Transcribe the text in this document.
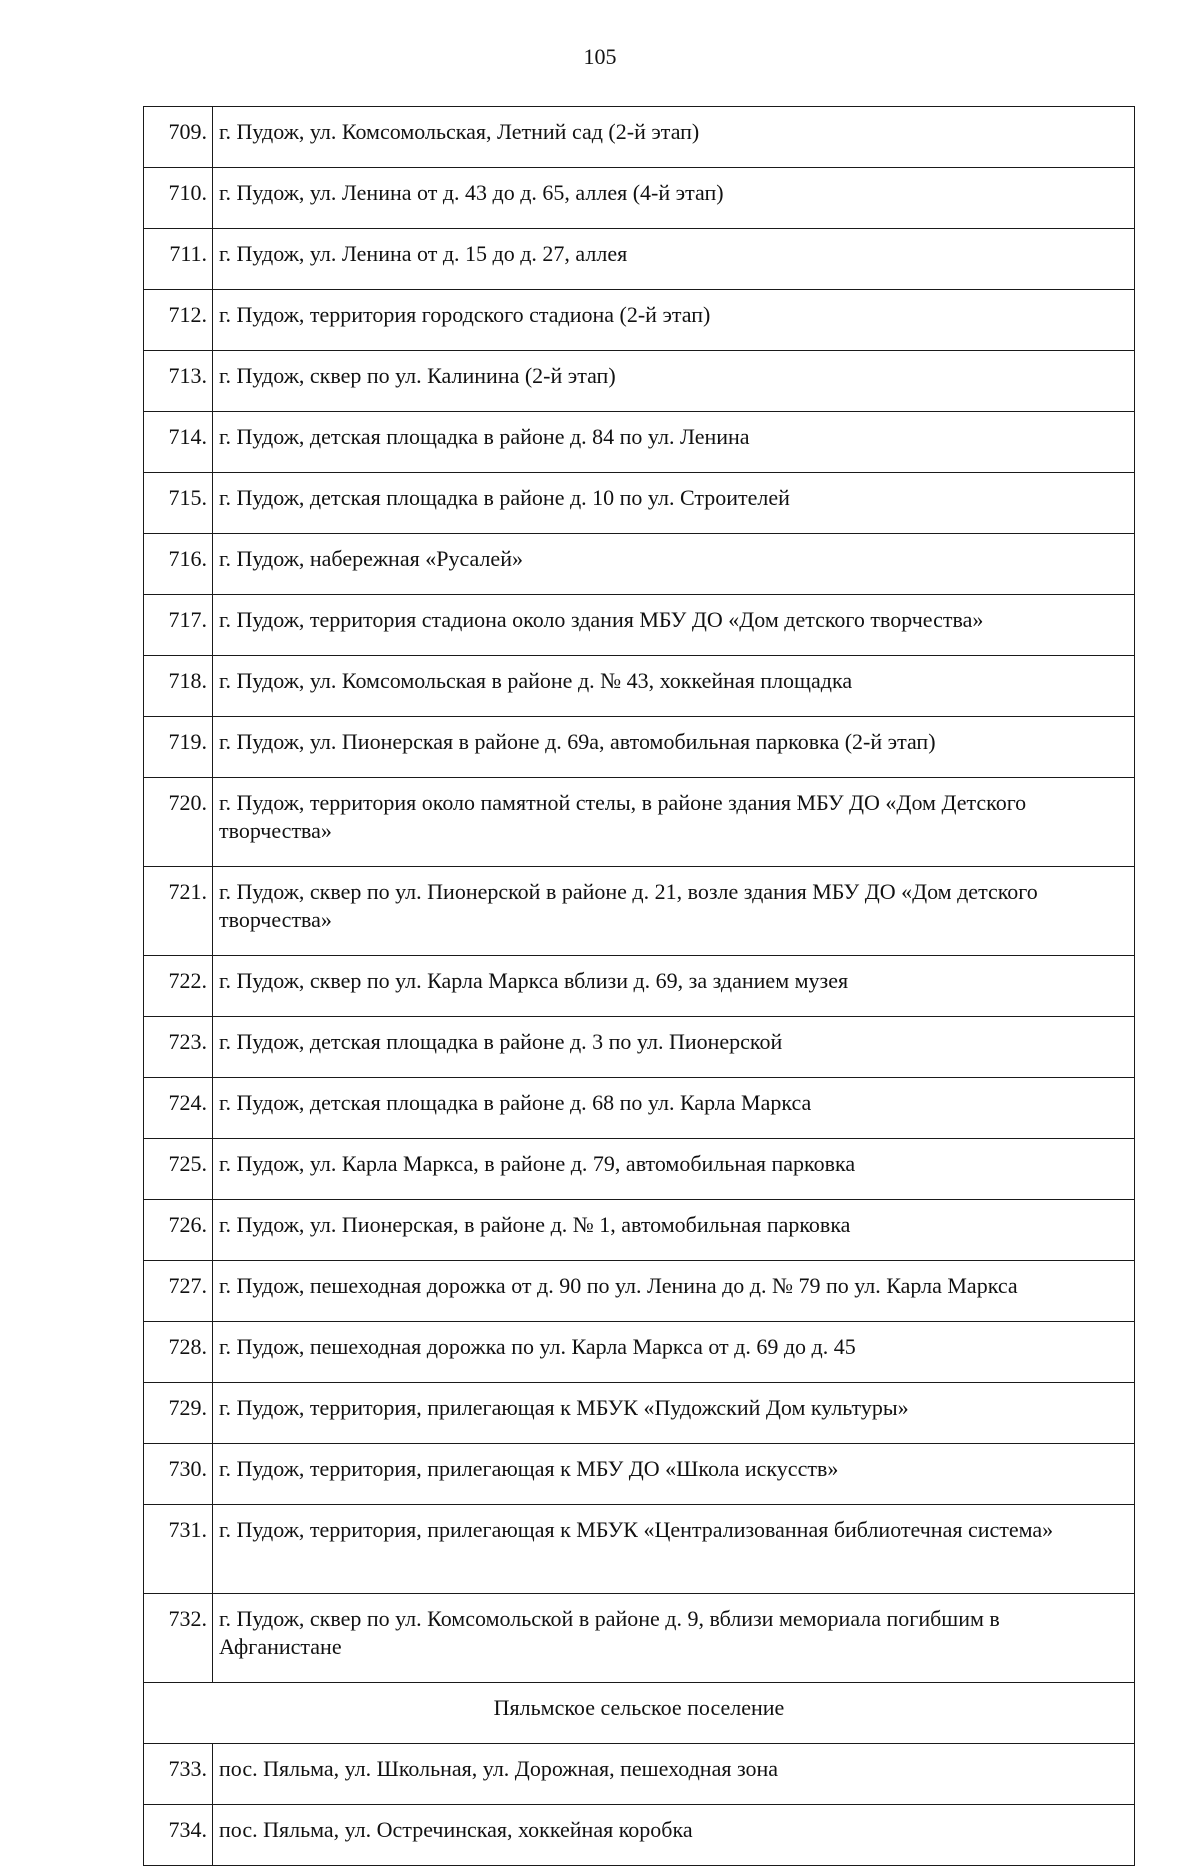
105
709.	г. Пудож, ул. Комсомольская, Летний сад (2-й этап)
710.	г. Пудож, ул. Ленина от д. 43 до д. 65, аллея (4-й этап)
711.	г. Пудож, ул. Ленина от д. 15 до д. 27, аллея
712.	г. Пудож, территория городского стадиона (2-й этап)
713.	г. Пудож, сквер по ул. Калинина (2-й этап)
714.	г. Пудож, детская площадка в районе д. 84 по ул. Ленина
715.	г. Пудож, детская площадка в районе д. 10 по ул. Строителей
716.	г. Пудож, набережная «Русалей»
717.	г. Пудож, территория стадиона около здания МБУ ДО «Дом детского творчества»
718.	г. Пудож, ул. Комсомольская в районе д. № 43, хоккейная площадка
719.	г. Пудож, ул. Пионерская в районе д. 69а, автомобильная парковка (2-й этап)
720.	г. Пудож, территория около памятной стелы, в районе здания МБУ ДО «Дом Детского творчества»
721.	г. Пудож, сквер по ул. Пионерской в районе д. 21, возле здания МБУ ДО «Дом детского творчества»
722.	г. Пудож, сквер по ул. Карла Маркса вблизи д. 69, за зданием музея
723.	г. Пудож, детская площадка в районе д. 3 по ул. Пионерской
724.	г. Пудож, детская площадка в районе д. 68 по ул. Карла Маркса
725.	г. Пудож, ул. Карла Маркса, в районе д. 79, автомобильная парковка
726.	г. Пудож, ул. Пионерская, в районе д. № 1, автомобильная парковка
727.	г. Пудож, пешеходная дорожка от д. 90 по ул. Ленина до д. № 79 по ул. Карла Маркса
728.	г. Пудож, пешеходная дорожка по ул. Карла Маркса от д. 69 до д. 45
729.	г. Пудож, территория, прилегающая к МБУК «Пудожский Дом культуры»
730.	г. Пудож, территория, прилегающая к МБУ ДО «Школа искусств»
731.	г. Пудож, территория, прилегающая к МБУК «Централизованная библиотечная система»
732.	г. Пудож, сквер по ул. Комсомольской в районе д. 9, вблизи мемориала погибшим в Афганистане
Пяльмское сельское поселение	
733.	пос. Пяльма, ул. Школьная, ул. Дорожная, пешеходная зона
734.	пос. Пяльма, ул. Остречинская, хоккейная коробка
